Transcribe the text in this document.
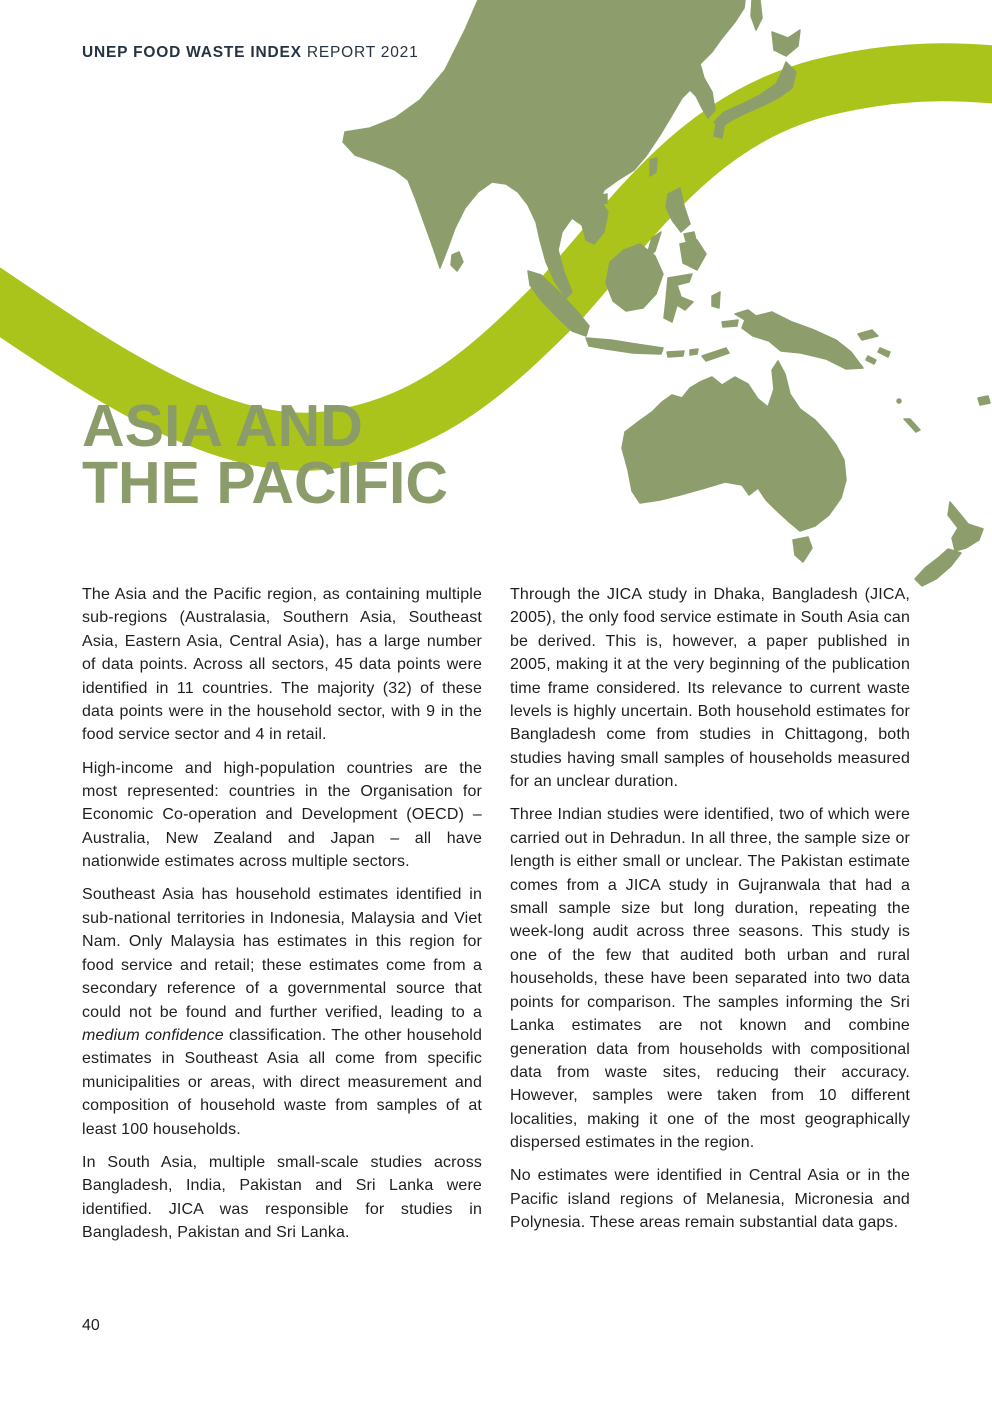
UNEP FOOD WASTE INDEX REPORT 2021
ASIA AND
THE PACIFIC

The Asia and the Pacific region, as containing multiple sub-regions (Australasia, Southern Asia, Southeast Asia, Eastern Asia, Central Asia), has a large number of data points. Across all sectors, 45 data points were identified in 11 countries. The majority (32) of these data points were in the household sector, with 9 in the food service sector and 4 in retail.

High-income and high-population countries are the most represented: countries in the Organisation for Economic Co-operation and Development (OECD) – Australia, New Zealand and Japan – all have nationwide estimates across multiple sectors.

Southeast Asia has household estimates identified in sub-national territories in Indonesia, Malaysia and Viet Nam. Only Malaysia has estimates in this region for food service and retail; these estimates come from a secondary reference of a governmental source that could not be found and further verified, leading to a medium confidence classification. The other household estimates in Southeast Asia all come from specific municipalities or areas, with direct measurement and composition of household waste from samples of at least 100 households.

In South Asia, multiple small-scale studies across Bangladesh, India, Pakistan and Sri Lanka were identified. JICA was responsible for studies in Bangladesh, Pakistan and Sri Lanka.

Through the JICA study in Dhaka, Bangladesh (JICA, 2005), the only food service estimate in South Asia can be derived. This is, however, a paper published in 2005, making it at the very beginning of the publication time frame considered. Its relevance to current waste levels is highly uncertain. Both household estimates for Bangladesh come from studies in Chittagong, both studies having small samples of households measured for an unclear duration.

Three Indian studies were identified, two of which were carried out in Dehradun. In all three, the sample size or length is either small or unclear. The Pakistan estimate comes from a JICA study in Gujranwala that had a small sample size but long duration, repeating the week-long audit across three seasons. This study is one of the few that audited both urban and rural households, these have been separated into two data points for comparison. The samples informing the Sri Lanka estimates are not known and combine generation data from households with compositional data from waste sites, reducing their accuracy. However, samples were taken from 10 different localities, making it one of the most geographically dispersed estimates in the region.

No estimates were identified in Central Asia or in the Pacific island regions of Melanesia, Micronesia and Polynesia. These areas remain substantial data gaps.

40
